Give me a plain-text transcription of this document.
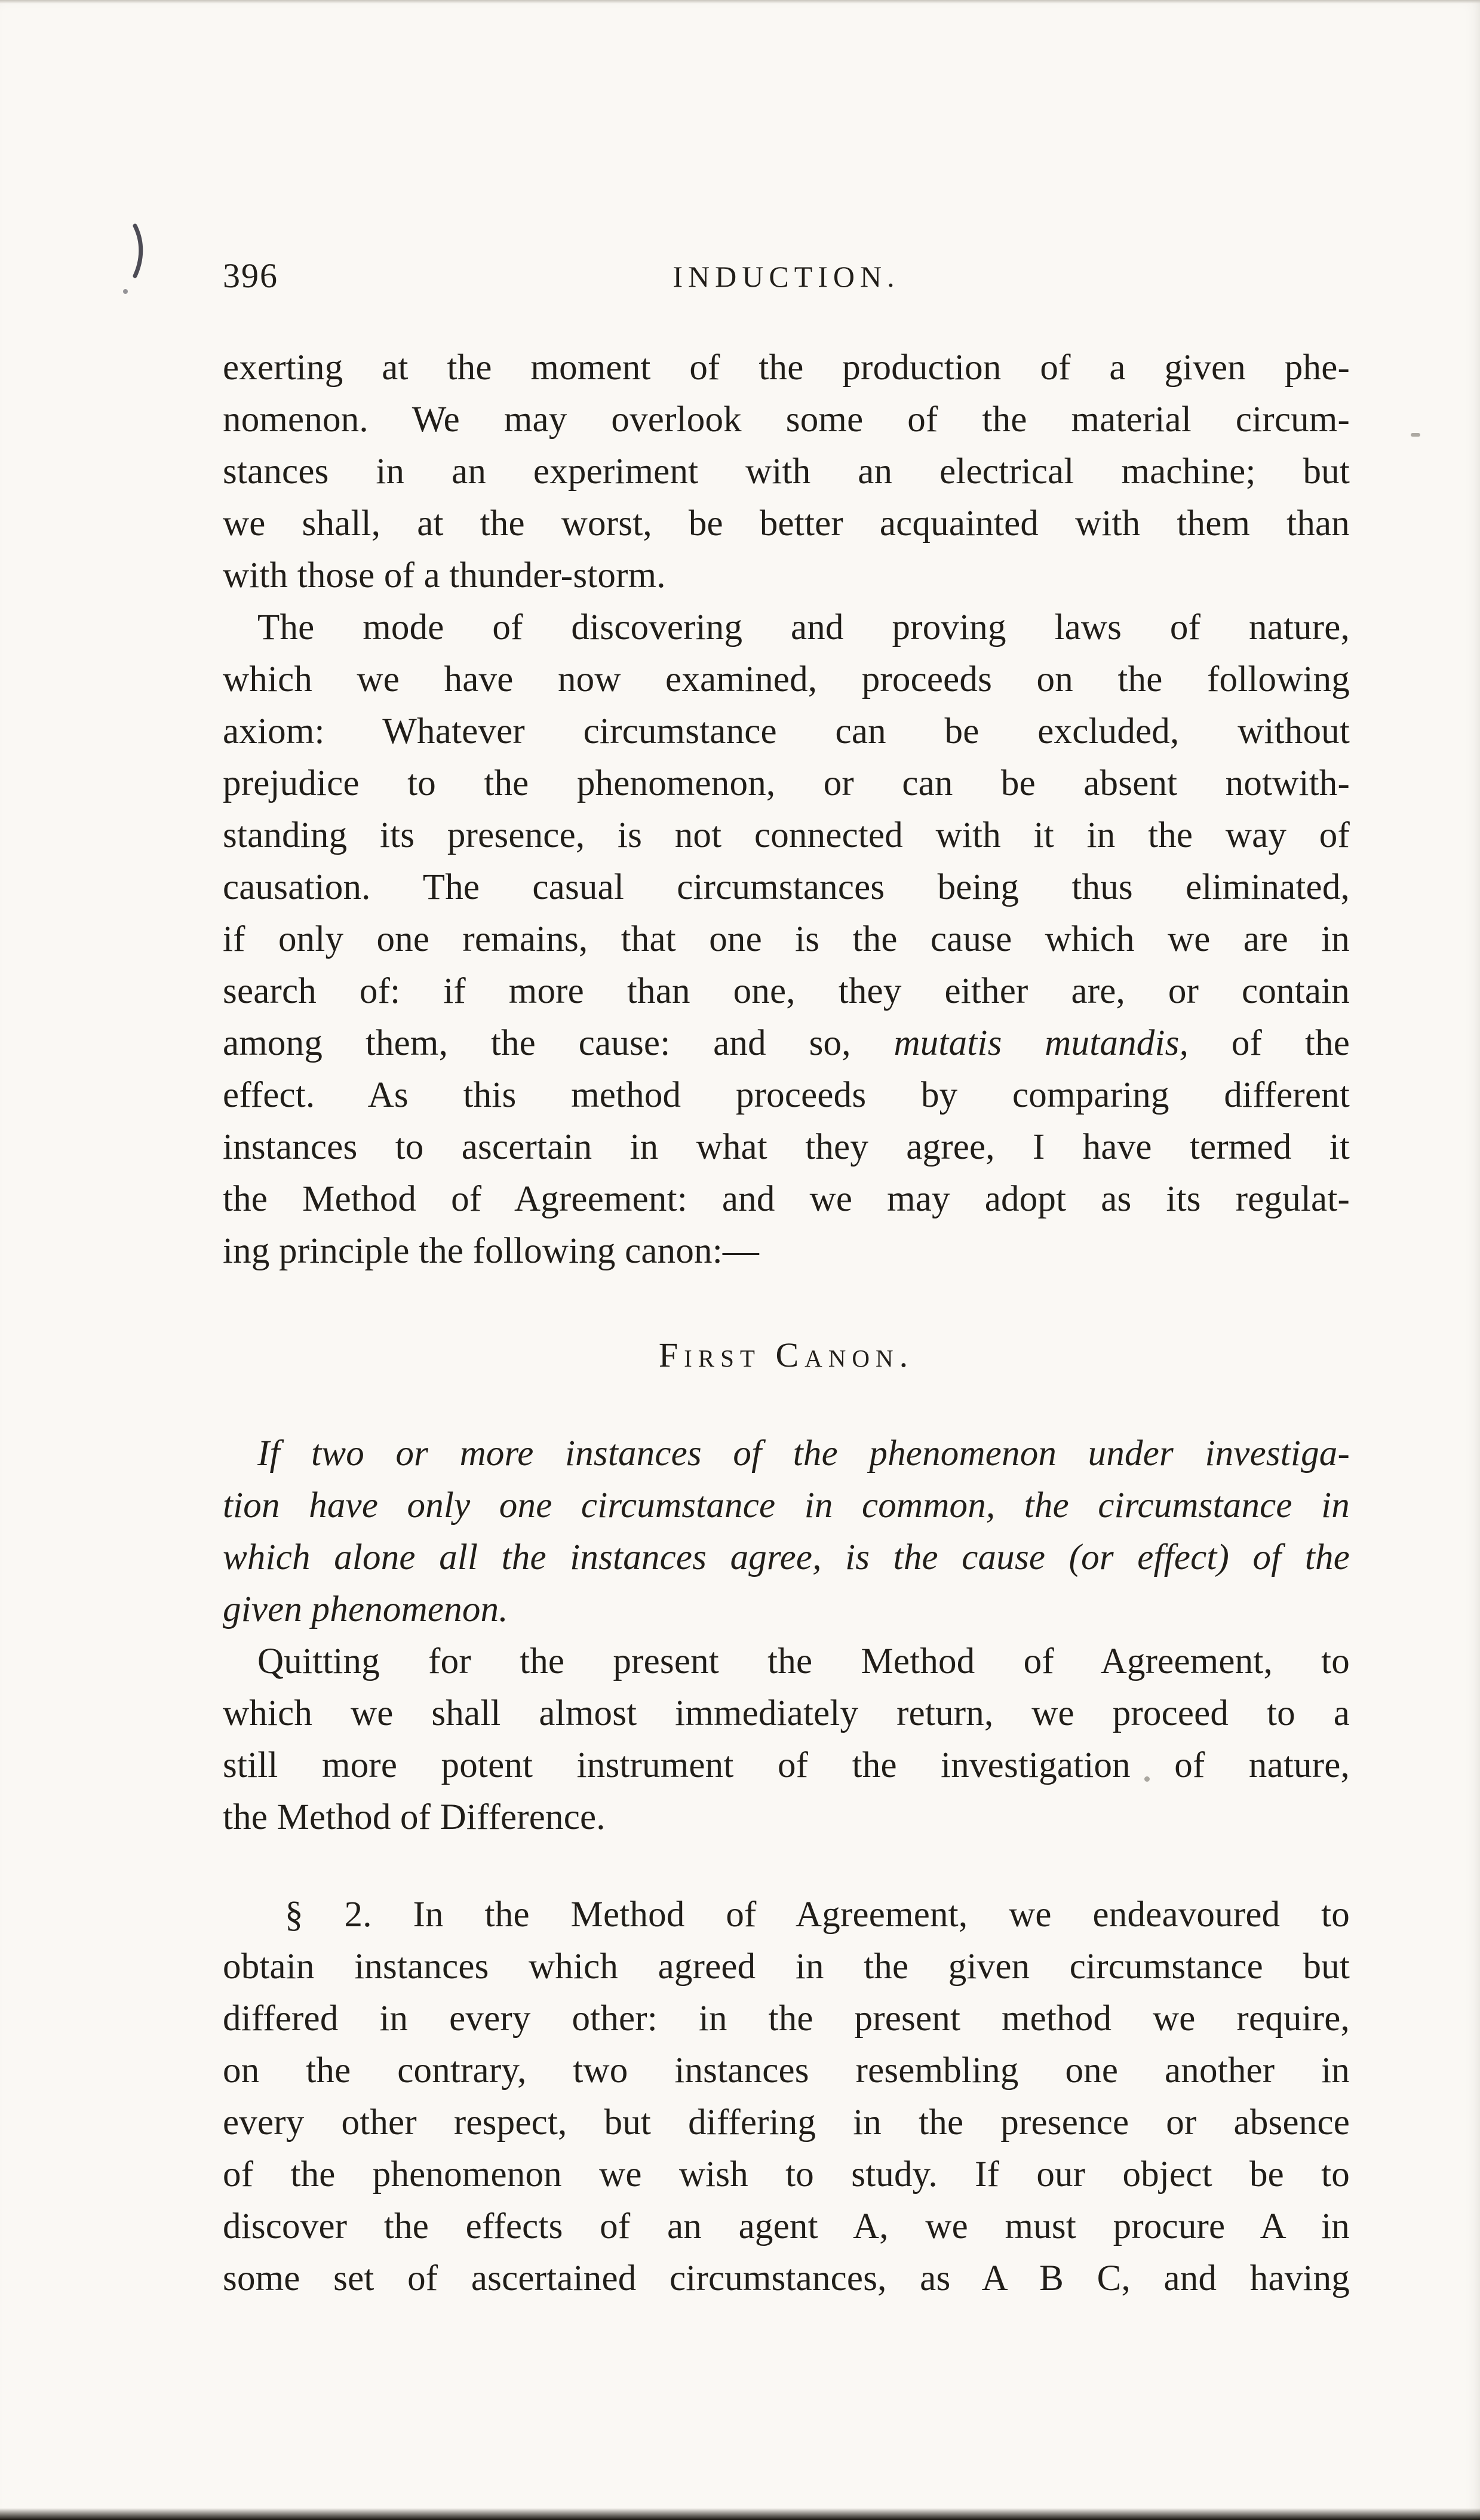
396	INDUCTION.
exerting at the moment of the production of a given phe-
nomenon. We may overlook some of the material circum-
stances in an experiment with an electrical machine; but
we shall, at the worst, be better acquainted with them than
with those of a thunder-storm.
The mode of discovering and proving laws of nature,
which we have now examined, proceeds on the following
axiom: Whatever circumstance can be excluded, without
prejudice to the phenomenon, or can be absent notwith-
standing its presence, is not connected with it in the way of
causation. The casual circumstances being thus eliminated,
if only one remains, that one is the cause which we are in
search of: if more than one, they either are, or contain
among them, the cause: and so, mutatis mutandis, of the
effect. As this method proceeds by comparing different
instances to ascertain in what they agree, I have termed it
the Method of Agreement: and we may adopt as its regulat-
ing principle the following canon:—
First Canon.
If two or more instances of the phenomenon under investiga-
tion have only one circumstance in common, the circumstance in
which alone all the instances agree, is the cause (or effect) of the
given phenomenon.
Quitting for the present the Method of Agreement, to
which we shall almost immediately return, we proceed to a
still more potent instrument of the investigation of nature,
the Method of Difference.
§ 2. In the Method of Agreement, we endeavoured to
obtain instances which agreed in the given circumstance but
differed in every other: in the present method we require,
on the contrary, two instances resembling one another in
every other respect, but differing in the presence or absence
of the phenomenon we wish to study. If our object be to
discover the effects of an agent A, we must procure A in
some set of ascertained circumstances, as A B C, and having
